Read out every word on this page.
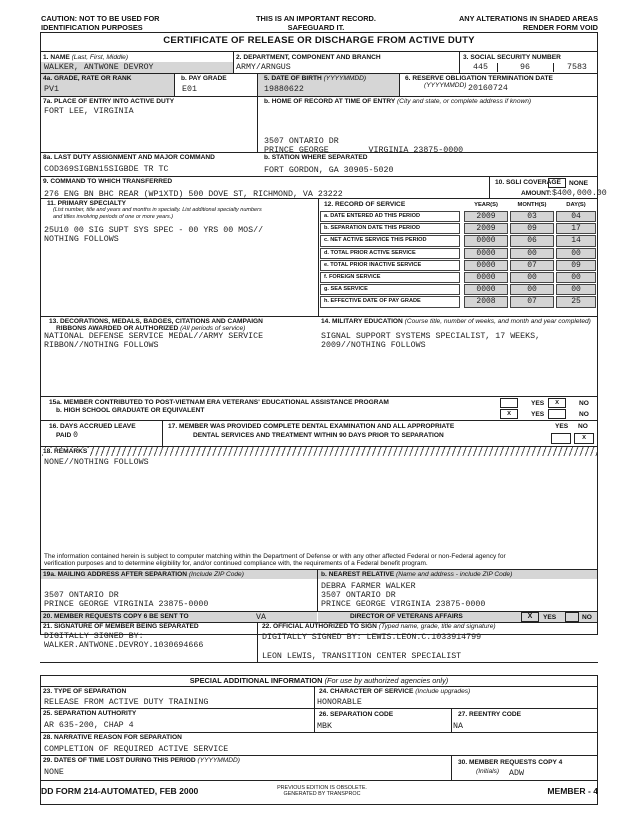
CAUTION: NOT TO BE USED FOR
IDENTIFICATION PURPOSES
THIS IS AN IMPORTANT RECORD.
SAFEGUARD IT.
ANY ALTERATIONS IN SHADED AREAS
RENDER FORM VOID
CERTIFICATE OF RELEASE OR DISCHARGE FROM ACTIVE DUTY
1. NAME (Last, First, Middle)
WALKER, ANTWONE DEVROY
2. DEPARTMENT, COMPONENT AND BRANCH
ARMY/ARNGUS
3. SOCIAL SECURITY NUMBER
445	96	7583
4a. GRADE, RATE OR RANK
PV1
b. PAY GRADE
E01
5. DATE OF BIRTH (YYYYMMDD)
19880622
6. RESERVE OBLIGATION TERMINATION DATE
(YYYYMMDD) 20160724
7a. PLACE OF ENTRY INTO ACTIVE DUTY
FORT LEE, VIRGINIA
b. HOME OF RECORD AT TIME OF ENTRY (City and state, or complete address if known)
3507 ONTARIO DR
PRINCE GEORGE        VIRGINIA 23875-0000
8a. LAST DUTY ASSIGNMENT AND MAJOR COMMAND
COD369SIGBN15SIGBDE TR TC
b. STATION WHERE SEPARATED
FORT GORDON, GA 30905-5020
9. COMMAND TO WHICH TRANSFERRED
276 ENG BN BHC REAR (WP1XTD) 500 DOVE ST, RICHMOND, VA 23222
10. SGLI COVERAGE NONE
AMOUNT: $400,000.00
11. PRIMARY SPECIALTY
(List number, title and years and months in specialty. List additional specialty numbers and titles involving periods of one or more years.)
25U10 00 SIG SUPT SYS SPEC - 00 YRS 00 MOS//
NOTHING FOLLOWS
12. RECORD OF SERVICE	YEAR(S)	MONTH(S)	DAY(S)
a. DATE ENTERED AD THIS PERIOD	2009	03	04
b. SEPARATION DATE THIS PERIOD	2009	09	17
c. NET ACTIVE SERVICE THIS PERIOD	0000	06	14
d. TOTAL PRIOR ACTIVE SERVICE	0000	00	00
e. TOTAL PRIOR INACTIVE SERVICE	0000	07	09
f. FOREIGN SERVICE	0000	00	00
g. SEA SERVICE	0000	00	00
h. EFFECTIVE DATE OF PAY GRADE	2008	07	25
13. DECORATIONS, MEDALS, BADGES, CITATIONS AND CAMPAIGN
RIBBONS AWARDED OR AUTHORIZED (All periods of service)
NATIONAL DEFENSE SERVICE MEDAL//ARMY SERVICE
RIBBON//NOTHING FOLLOWS
14. MILITARY EDUCATION (Course title, number of weeks, and month and year completed)
SIGNAL SUPPORT SYSTEMS SPECIALIST, 17 WEEKS,
2009//NOTHING FOLLOWS
15a. MEMBER CONTRIBUTED TO POST-VIETNAM ERA VETERANS' EDUCATIONAL ASSISTANCE PROGRAM
b. HIGH SCHOOL GRADUATE OR EQUIVALENT
YES	X	NO
X	YES	NO
16. DAYS ACCRUED LEAVE
PAID 0
17. MEMBER WAS PROVIDED COMPLETE DENTAL EXAMINATION AND ALL APPROPRIATE
DENTAL SERVICES AND TREATMENT WITHIN 90 DAYS PRIOR TO SEPARATION
YES NO
X
18. REMARKS
NONE//NOTHING FOLLOWS
The information contained herein is subject to computer matching within the Department of Defense or with any other affected Federal or non-Federal agency for
verification purposes and to determine eligibility for, and/or continued compliance with, the requirements of a Federal benefit program.
19a. MAILING ADDRESS AFTER SEPARATION (Include ZIP Code)
3507 ONTARIO DR
PRINCE GEORGE VIRGINIA 23875-0000
b. NEAREST RELATIVE (Name and address - include ZIP Code)
DEBRA FARMER WALKER
3507 ONTARIO DR
PRINCE GEORGE VIRGINIA 23875-0000
20. MEMBER REQUESTS COPY 6 BE SENT TO	VA	DIRECTOR OF VETERANS AFFAIRS	X	YES	NO
21. SIGNATURE OF MEMBER BEING SEPARATED
DIGITALLY SIGNED BY:
WALKER.ANTWONE.DEVROY.1030694666
22. OFFICIAL AUTHORIZED TO SIGN (Typed name, grade, title and signature)
DIGITALLY SIGNED BY: LEWIS.LEON.C.1033914799
LEON LEWIS, TRANSITION CENTER SPECIALIST
SPECIAL ADDITIONAL INFORMATION (For use by authorized agencies only)
23. TYPE OF SEPARATION
RELEASE FROM ACTIVE DUTY TRAINING
24. CHARACTER OF SERVICE (Include upgrades)
HONORABLE
25. SEPARATION AUTHORITY
AR 635-200, CHAP 4
26. SEPARATION CODE
MBK
27. REENTRY CODE
NA
28. NARRATIVE REASON FOR SEPARATION
COMPLETION OF REQUIRED ACTIVE SERVICE
29. DATES OF TIME LOST DURING THIS PERIOD (YYYYMMDD)
NONE
30. MEMBER REQUESTS COPY 4
(Initials) ADW
DD FORM 214-AUTOMATED, FEB 2000	PREVIOUS EDITION IS OBSOLETE.
GENERATED BY TRANSPROC	MEMBER - 4
